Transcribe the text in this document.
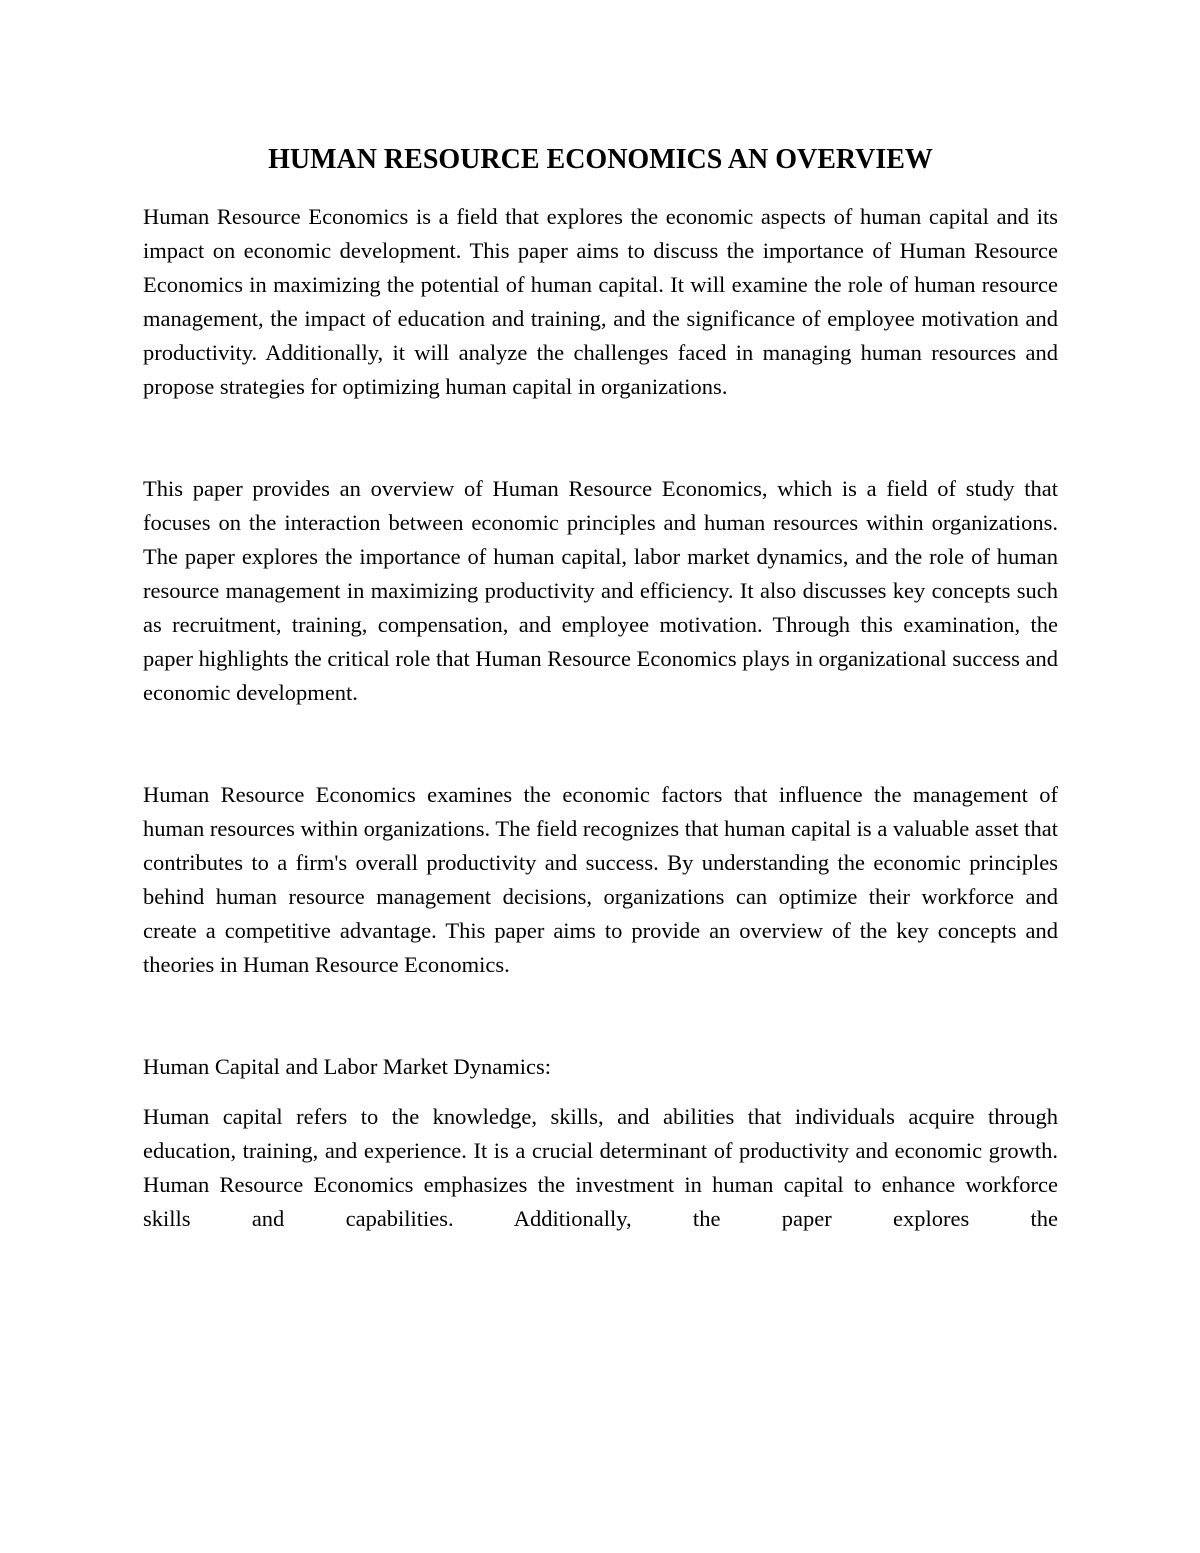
HUMAN RESOURCE ECONOMICS AN OVERVIEW

Human Resource Economics is a field that explores the economic aspects of human capital and its impact on economic development. This paper aims to discuss the importance of Human Resource Economics in maximizing the potential of human capital. It will examine the role of human resource management, the impact of education and training, and the significance of employee motivation and productivity. Additionally, it will analyze the challenges faced in managing human resources and propose strategies for optimizing human capital in organizations.

This paper provides an overview of Human Resource Economics, which is a field of study that focuses on the interaction between economic principles and human resources within organizations. The paper explores the importance of human capital, labor market dynamics, and the role of human resource management in maximizing productivity and efficiency. It also discusses key concepts such as recruitment, training, compensation, and employee motivation. Through this examination, the paper highlights the critical role that Human Resource Economics plays in organizational success and economic development.

Human Resource Economics examines the economic factors that influence the management of human resources within organizations. The field recognizes that human capital is a valuable asset that contributes to a firm's overall productivity and success. By understanding the economic principles behind human resource management decisions, organizations can optimize their workforce and create a competitive advantage. This paper aims to provide an overview of the key concepts and theories in Human Resource Economics.

Human Capital and Labor Market Dynamics:

Human capital refers to the knowledge, skills, and abilities that individuals acquire through education, training, and experience. It is a crucial determinant of productivity and economic growth. Human Resource Economics emphasizes the investment in human capital to enhance workforce skills and capabilities. Additionally, the paper explores the
